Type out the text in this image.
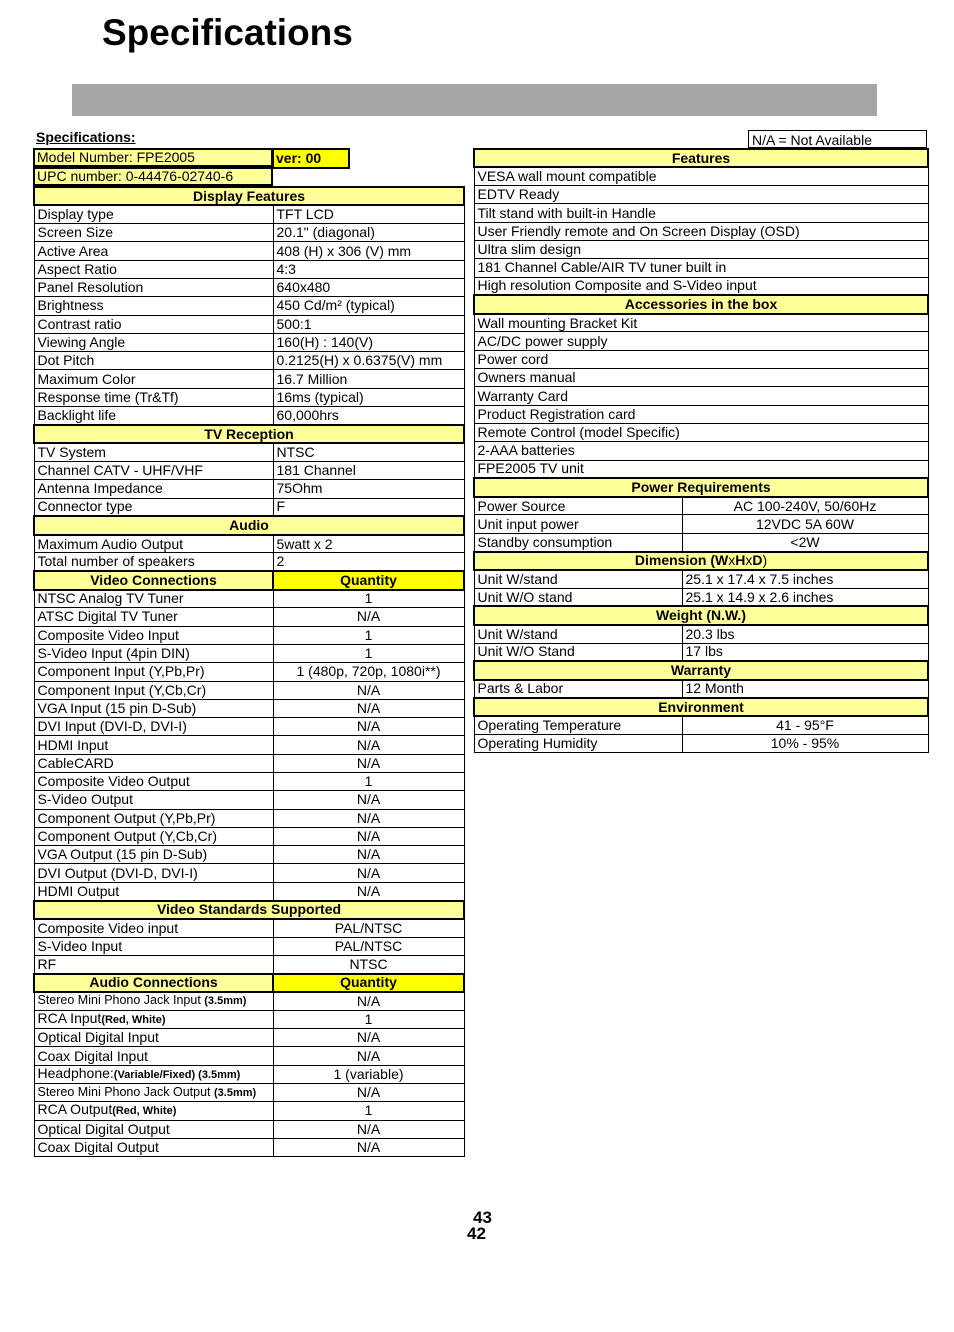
Specifications
Specifications:	N/A = Not Available
Model Number: FPE2005	ver: 00
UPC number: 0-44476-02740-6
Display Features	
Display type	TFT LCD
Screen Size	20.1" (diagonal)
Active Area	408 (H) x 306 (V) mm
Aspect Ratio	4:3
Panel Resolution	640x480
Brightness	450 Cd/m² (typical)
Contrast ratio	500:1
Viewing Angle	160(H) : 140(V)
Dot Pitch	0.2125(H) x 0.6375(V) mm
Maximum Color	16.7 Million
Response time (Tr&Tf)	16ms (typical)
Backlight life	60,000hrs
TV Reception	
TV System	NTSC
Channel CATV - UHF/VHF	181 Channel
Antenna Impedance	75Ohm
Connector type	F
Audio	
Maximum Audio Output	5watt x 2
Total number of speakers	2
Video Connections	Quantity
NTSC Analog TV Tuner	1
ATSC Digital TV Tuner	N/A
Composite Video Input	1
S-Video Input (4pin DIN)	1
Component Input (Y,Pb,Pr)	1 (480p, 720p, 1080i**)
Component Input (Y,Cb,Cr)	N/A
VGA Input (15 pin D-Sub)	N/A
DVI Input (DVI-D, DVI-I)	N/A
HDMI Input	N/A
CableCARD	N/A
Composite Video Output	1
S-Video Output	N/A
Component Output (Y,Pb,Pr)	N/A
Component Output (Y,Cb,Cr)	N/A
VGA Output (15 pin D-Sub)	N/A
DVI Output (DVI-D, DVI-I)	N/A
HDMI Output	N/A
Video Standards Supported	
Composite Video input	PAL/NTSC
S-Video Input	PAL/NTSC
RF	NTSC
Audio Connections	Quantity
Stereo Mini Phono Jack Input (3.5mm)	N/A
RCA Input(Red, White)	1
Optical Digital Input	N/A
Coax Digital Input	N/A
Headphone:(Variable/Fixed) (3.5mm)	1 (variable)
Stereo Mini Phono Jack Output (3.5mm)	N/A
RCA Output(Red, White)	1
Optical Digital Output	N/A
Coax Digital Output	N/A
Features	
VESA wall mount compatible	
EDTV Ready	
Tilt stand with built-in Handle	
User Friendly remote and On Screen Display (OSD)	
Ultra slim design	
181 Channel Cable/AIR TV tuner built in	
High resolution Composite and S-Video input	
Accessories in the box	
Wall mounting Bracket Kit	
AC/DC power supply	
Power cord	
Owners manual	
Warranty Card	
Product Registration card	
Remote Control (model Specific)	
2-AAA batteries	
FPE2005 TV unit	
Power Requirements	
Power Source	AC 100-240V, 50/60Hz
Unit input power	12VDC 5A 60W
Standby consumption	<2W
Dimension (WxHxD)	
Unit W/stand	25.1 x 17.4 x 7.5 inches
Unit W/O stand	25.1 x 14.9 x 2.6 inches
Weight (N.W.)	
Unit W/stand	20.3 lbs
Unit W/O Stand	17 lbs
Warranty	
Parts & Labor	12 Month
Environment	
Operating Temperature	41 - 95°F
Operating Humidity	10% - 95%
43
42
